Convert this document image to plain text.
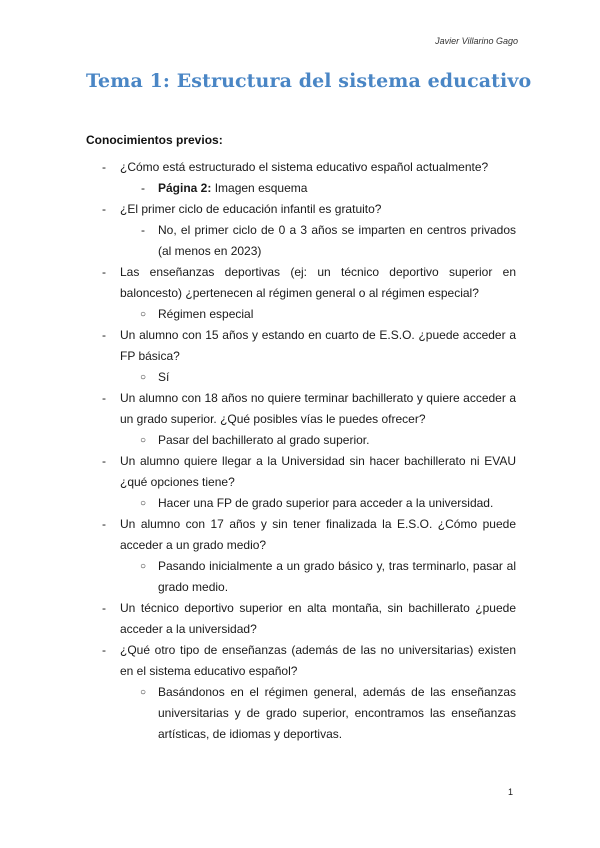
Javier Villarino Gago
Tema 1: Estructura del sistema educativo
Conocimientos previos:
- ¿Cómo está estructurado el sistema educativo español actualmente?
- Página 2: Imagen esquema
- ¿El primer ciclo de educación infantil es gratuito?
- No, el primer ciclo de 0 a 3 años se imparten en centros privados (al menos en 2023)
- Las enseñanzas deportivas (ej: un técnico deportivo superior en baloncesto) ¿pertenecen al régimen general o al régimen especial?
○ Régimen especial
- Un alumno con 15 años y estando en cuarto de E.S.O. ¿puede acceder a FP básica?
○ Sí
- Un alumno con 18 años no quiere terminar bachillerato y quiere acceder a un grado superior. ¿Qué posibles vías le puedes ofrecer?
○ Pasar del bachillerato al grado superior.
- Un alumno quiere llegar a la Universidad sin hacer bachillerato ni EVAU ¿qué opciones tiene?
○ Hacer una FP de grado superior para acceder a la universidad.
- Un alumno con 17 años y sin tener finalizada la E.S.O. ¿Cómo puede acceder a un grado medio?
○ Pasando inicialmente a un grado básico y, tras terminarlo, pasar al grado medio.
- Un técnico deportivo superior en alta montaña, sin bachillerato ¿puede acceder a la universidad?
- ¿Qué otro tipo de enseñanzas (además de las no universitarias) existen en el sistema educativo español?
○ Basándonos en el régimen general, además de las enseñanzas universitarias y de grado superior, encontramos las enseñanzas artísticas, de idiomas y deportivas.
1
